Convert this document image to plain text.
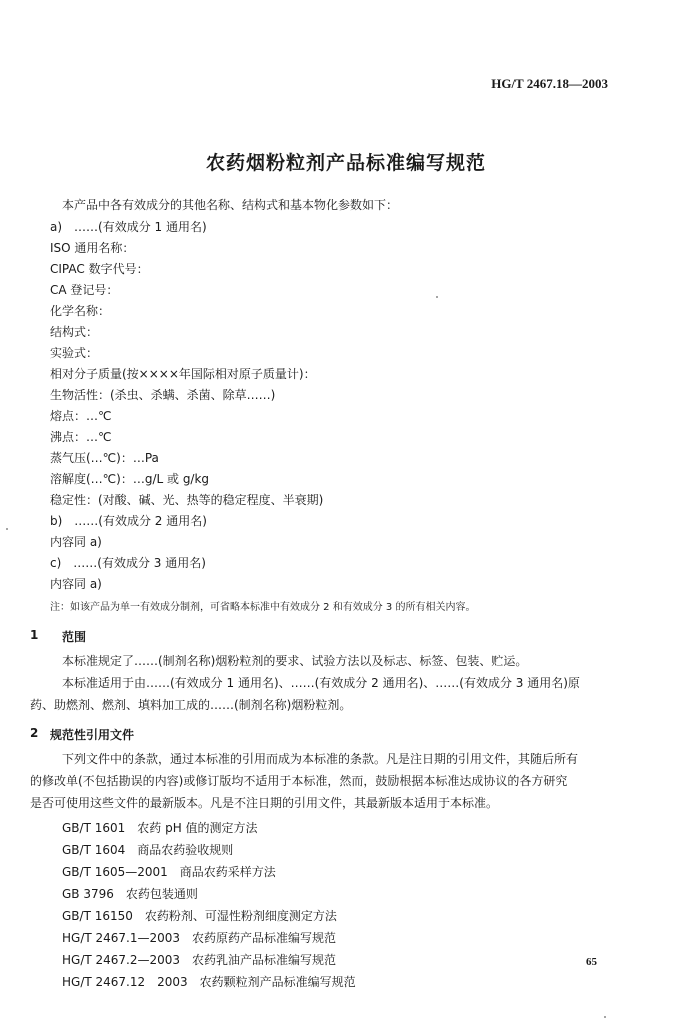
HG/T 2467.18—2003
农药烟粉粒剂产品标准编写规范
本产品中各有效成分的其他名称、结构式和基本物化参数如下：
a)　……(有效成分 1 通用名)
ISO 通用名称：
CIPAC 数字代号：
CA 登记号：
化学名称：
结构式：
实验式：
相对分子质量(按××××年国际相对原子质量计)：
生物活性：(杀虫、杀螨、杀菌、除草……)
熔点：…℃
沸点：…℃
蒸气压(…℃)：…Pa
溶解度(…℃)：…g/L 或 g/kg
稳定性：(对酸、碱、光、热等的稳定程度、半衰期)
b)　……(有效成分 2 通用名)
内容同 a)
c)　……(有效成分 3 通用名)
内容同 a)
注：如该产品为单一有效成分制剂，可省略本标准中有效成分 2 和有效成分 3 的所有相关内容。
1 范围
本标准规定了……(制剂名称)烟粉粒剂的要求、试验方法以及标志、标签、包装、贮运。
本标准适用于由……(有效成分 1 通用名)、……(有效成分 2 通用名)、……(有效成分 3 通用名)原
药、助燃剂、燃剂、填料加工成的……(制剂名称)烟粉粒剂。
2 规范性引用文件
下列文件中的条款，通过本标准的引用而成为本标准的条款。凡是注日期的引用文件，其随后所有
的修改单(不包括勘误的内容)或修订版均不适用于本标准，然而，鼓励根据本标准达成协议的各方研究
是否可使用这些文件的最新版本。凡是不注日期的引用文件，其最新版本适用于本标准。
GB/T 1601　农药 pH 值的测定方法
GB/T 1604　商品农药验收规则
GB/T 1605—2001　商品农药采样方法
GB 3796　农药包装通则
GB/T 16150　农药粉剂、可湿性粉剂细度测定方法
HG/T 2467.1—2003　农药原药产品标准编写规范
HG/T 2467.2—2003　农药乳油产品标准编写规范
HG/T 2467.12　2003　农药颗粒剂产品标准编写规范
65
